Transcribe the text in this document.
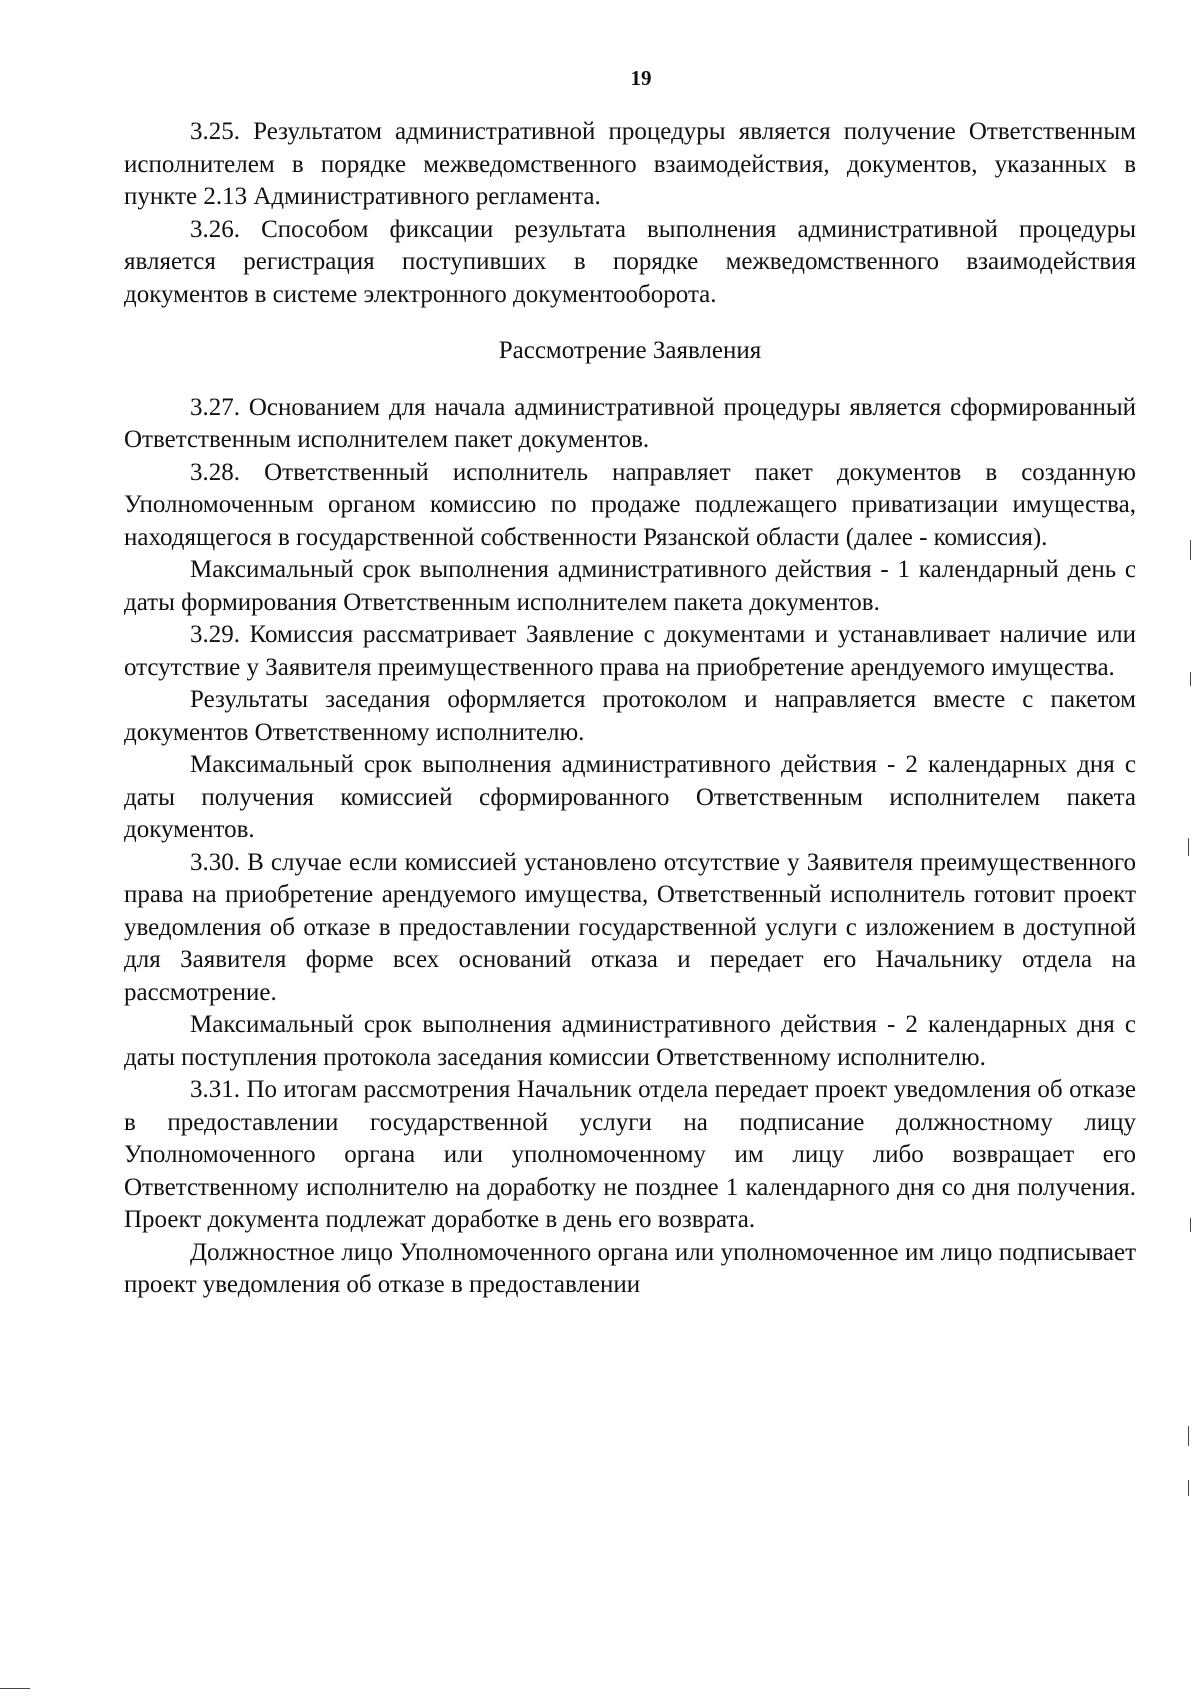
19

3.25. Результатом административной процедуры является получение Ответственным исполнителем в порядке межведомственного взаимодействия, документов, указанных в пункте 2.13 Административного регламента.

3.26. Способом фиксации результата выполнения административной процедуры является регистрация поступивших в порядке межведомственного взаимодействия документов в системе электронного документооборота.

Рассмотрение Заявления

3.27. Основанием для начала административной процедуры является сформированный Ответственным исполнителем пакет документов.

3.28. Ответственный исполнитель направляет пакет документов в созданную Уполномоченным органом комиссию по продаже подлежащего приватизации имущества, находящегося в государственной собственности Рязанской области (далее - комиссия).

Максимальный срок выполнения административного действия - 1 календарный день с даты формирования Ответственным исполнителем пакета документов.

3.29. Комиссия рассматривает Заявление с документами и устанавливает наличие или отсутствие у Заявителя преимущественного права на приобретение арендуемого имущества.

Результаты заседания оформляется протоколом и направляется вместе с пакетом документов Ответственному исполнителю.

Максимальный срок выполнения административного действия - 2 календарных дня с даты получения комиссией сформированного Ответственным исполнителем пакета документов.

3.30. В случае если комиссией установлено отсутствие у Заявителя преимущественного права на приобретение арендуемого имущества, Ответственный исполнитель готовит проект уведомления об отказе в предоставлении государственной услуги с изложением в доступной для Заявителя форме всех оснований отказа и передает его Начальнику отдела на рассмотрение.

Максимальный срок выполнения административного действия - 2 календарных дня с даты поступления протокола заседания комиссии Ответственному исполнителю.

3.31. По итогам рассмотрения Начальник отдела передает проект уведомления об отказе в предоставлении государственной услуги на подписание должностному лицу Уполномоченного органа или уполномоченному им лицу либо возвращает его Ответственному исполнителю на доработку не позднее 1 календарного дня со дня получения. Проект документа подлежат доработке в день его возврата.

Должностное лицо Уполномоченного органа или уполномоченное им лицо подписывает проект уведомления об отказе в предоставлении
